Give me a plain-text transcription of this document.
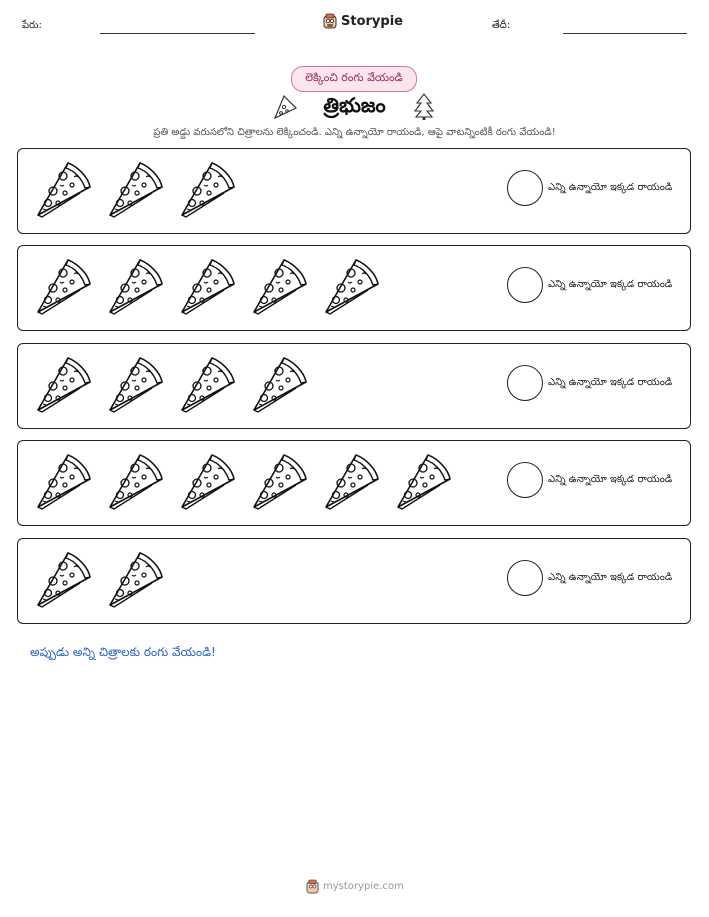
పేరు:	Storypie	తేదీ:
లెక్కించి రంగు వేయండి
త్రిభుజం
ప్రతి అడ్డు వరుసలోని చిత్రాలను లెక్కించండి. ఎన్ని ఉన్నాయో రాయండి, ఆపై వాటన్నింటికీ రంగు వేయండి!
ఎన్ని ఉన్నాయో ఇక్కడ రాయండి
ఎన్ని ఉన్నాయో ఇక్కడ రాయండి
ఎన్ని ఉన్నాయో ఇక్కడ రాయండి
ఎన్ని ఉన్నాయో ఇక్కడ రాయండి
ఎన్ని ఉన్నాయో ఇక్కడ రాయండి
అప్పుడు అన్ని చిత్రాలకు రంగు వేయండి!
mystorypie.com
